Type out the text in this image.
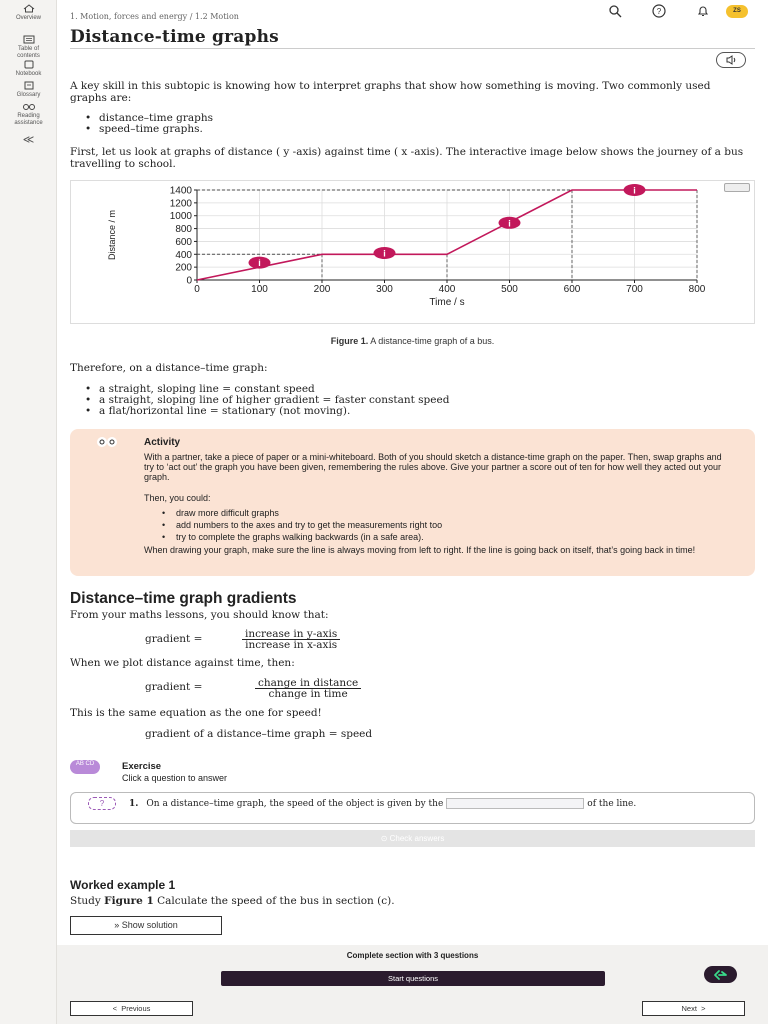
Overview
Table of contents
Notebook
Glossary
Reading assistance
≪
1. Motion, forces and energy / 1.2 Motion
?	ZS
Distance-time graphs

A key skill in this subtopic is knowing how to interpret graphs that show how something is moving. Two commonly used graphs are:

• distance–time graphs
• speed–time graphs.

First, let us look at graphs of distance ( y -axis) against time ( x -axis). The interactive image below shows the journey of a bus travelling to school.

0	100	200	300	400	500	600	700	800
0
200
400
600
800
1000
1200
1400
Time / s
Distance / m
i
i
i
i
Figure 1. A distance-time graph of a bus.

Therefore, on a distance–time graph:

• a straight, sloping line = constant speed
• a straight, sloping line of higher gradient = faster constant speed
• a flat/horizontal line = stationary (not moving).
Activity
With a partner, take a piece of paper or a mini-whiteboard. Both of you should sketch a distance-time graph on the paper. Then, swap graphs and try to ‘act out’ the graph you have been given, remembering the rules above. Give your partner a score out of ten for how well they acted out your graph.
Then, you could:
• draw more difficult graphs
• add numbers to the axes and try to get the measurements right too
• try to complete the graphs walking backwards (in a safe area).
When drawing your graph, make sure the line is always moving from left to right. If the line is going back on itself, that’s going back in time!
Distance–time graph gradients

From your maths lessons, you should know that:

gradient =	increase in y-axis
increase in x-axis

When we plot distance against time, then:

gradient =	change in distance
change in time

This is the same equation as the one for speed!

gradient of a distance–time graph = speed
AB CD	Exercise
Click a question to answer
?	1. On a distance–time graph, the speed of the object is given by the	of the line.
⊙ Check answers
Worked example 1

Study Figure 1 Calculate the speed of the bus in section (c).

» Show solution
Complete section with 3 questions
Start questions
<  Previous	Next  >
